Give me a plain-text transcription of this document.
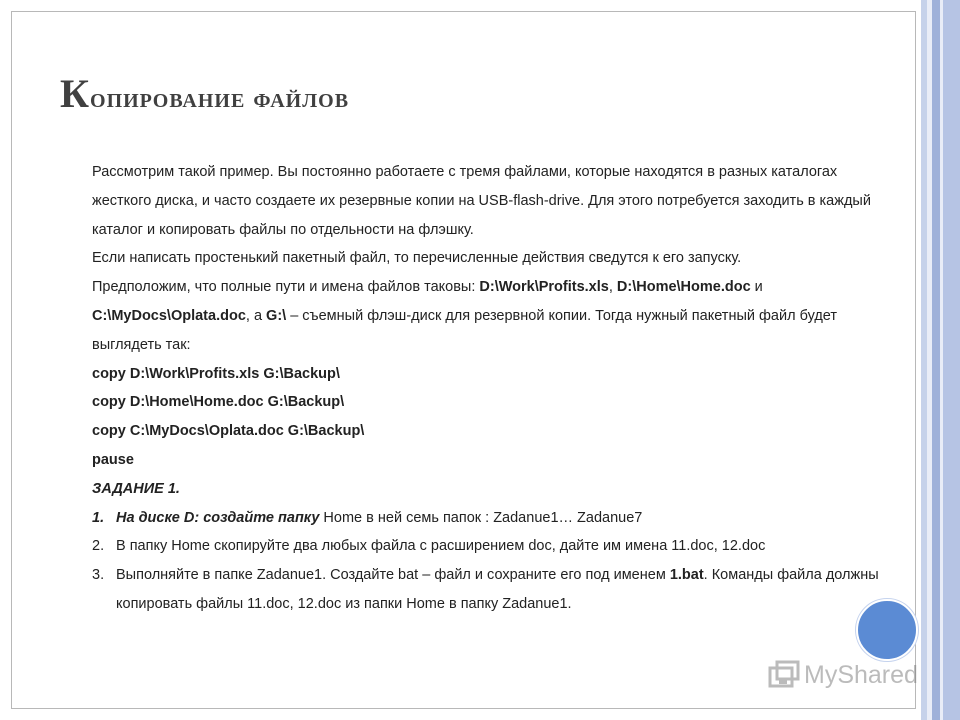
Копирование файлов

Рассмотрим такой пример. Вы постоянно работаете с тремя файлами, которые находятся в разных каталогах жесткого диска, и часто создаете их резервные копии на USB-flash-drive. Для этого потребуется заходить в каждый каталог и копировать файлы по отдельности на флэшку.

Если написать простенький пакетный файл, то перечисленные действия сведутся к его запуску.

Предположим, что полные пути и имена файлов таковы: D:\Work\Profits.xls, D:\Home\Home.doc и C:\MyDocs\Oplata.doc, а G:\ – съемный флэш-диск для резервной копии. Тогда нужный пакетный файл будет выглядеть так:

copy D:\Work\Profits.xls G:\Backup\

copy D:\Home\Home.doc G:\Backup\

copy C:\MyDocs\Oplata.doc G:\Backup\

pause

ЗАДАНИЕ 1.

1. На диске D: создайте папку Home в ней семь папок : Zadanue1… Zadanue7
2. В папку Home скопируйте два любых файла с расширением doc, дайте им имена 11.doc, 12.doc
3. Выполняйте в папке Zadanue1. Создайте bat – файл и сохраните его под именем 1.bat. Команды файла должны копировать файлы 11.doc, 12.doc из папки Home в папку Zadanue1.
MyShared
